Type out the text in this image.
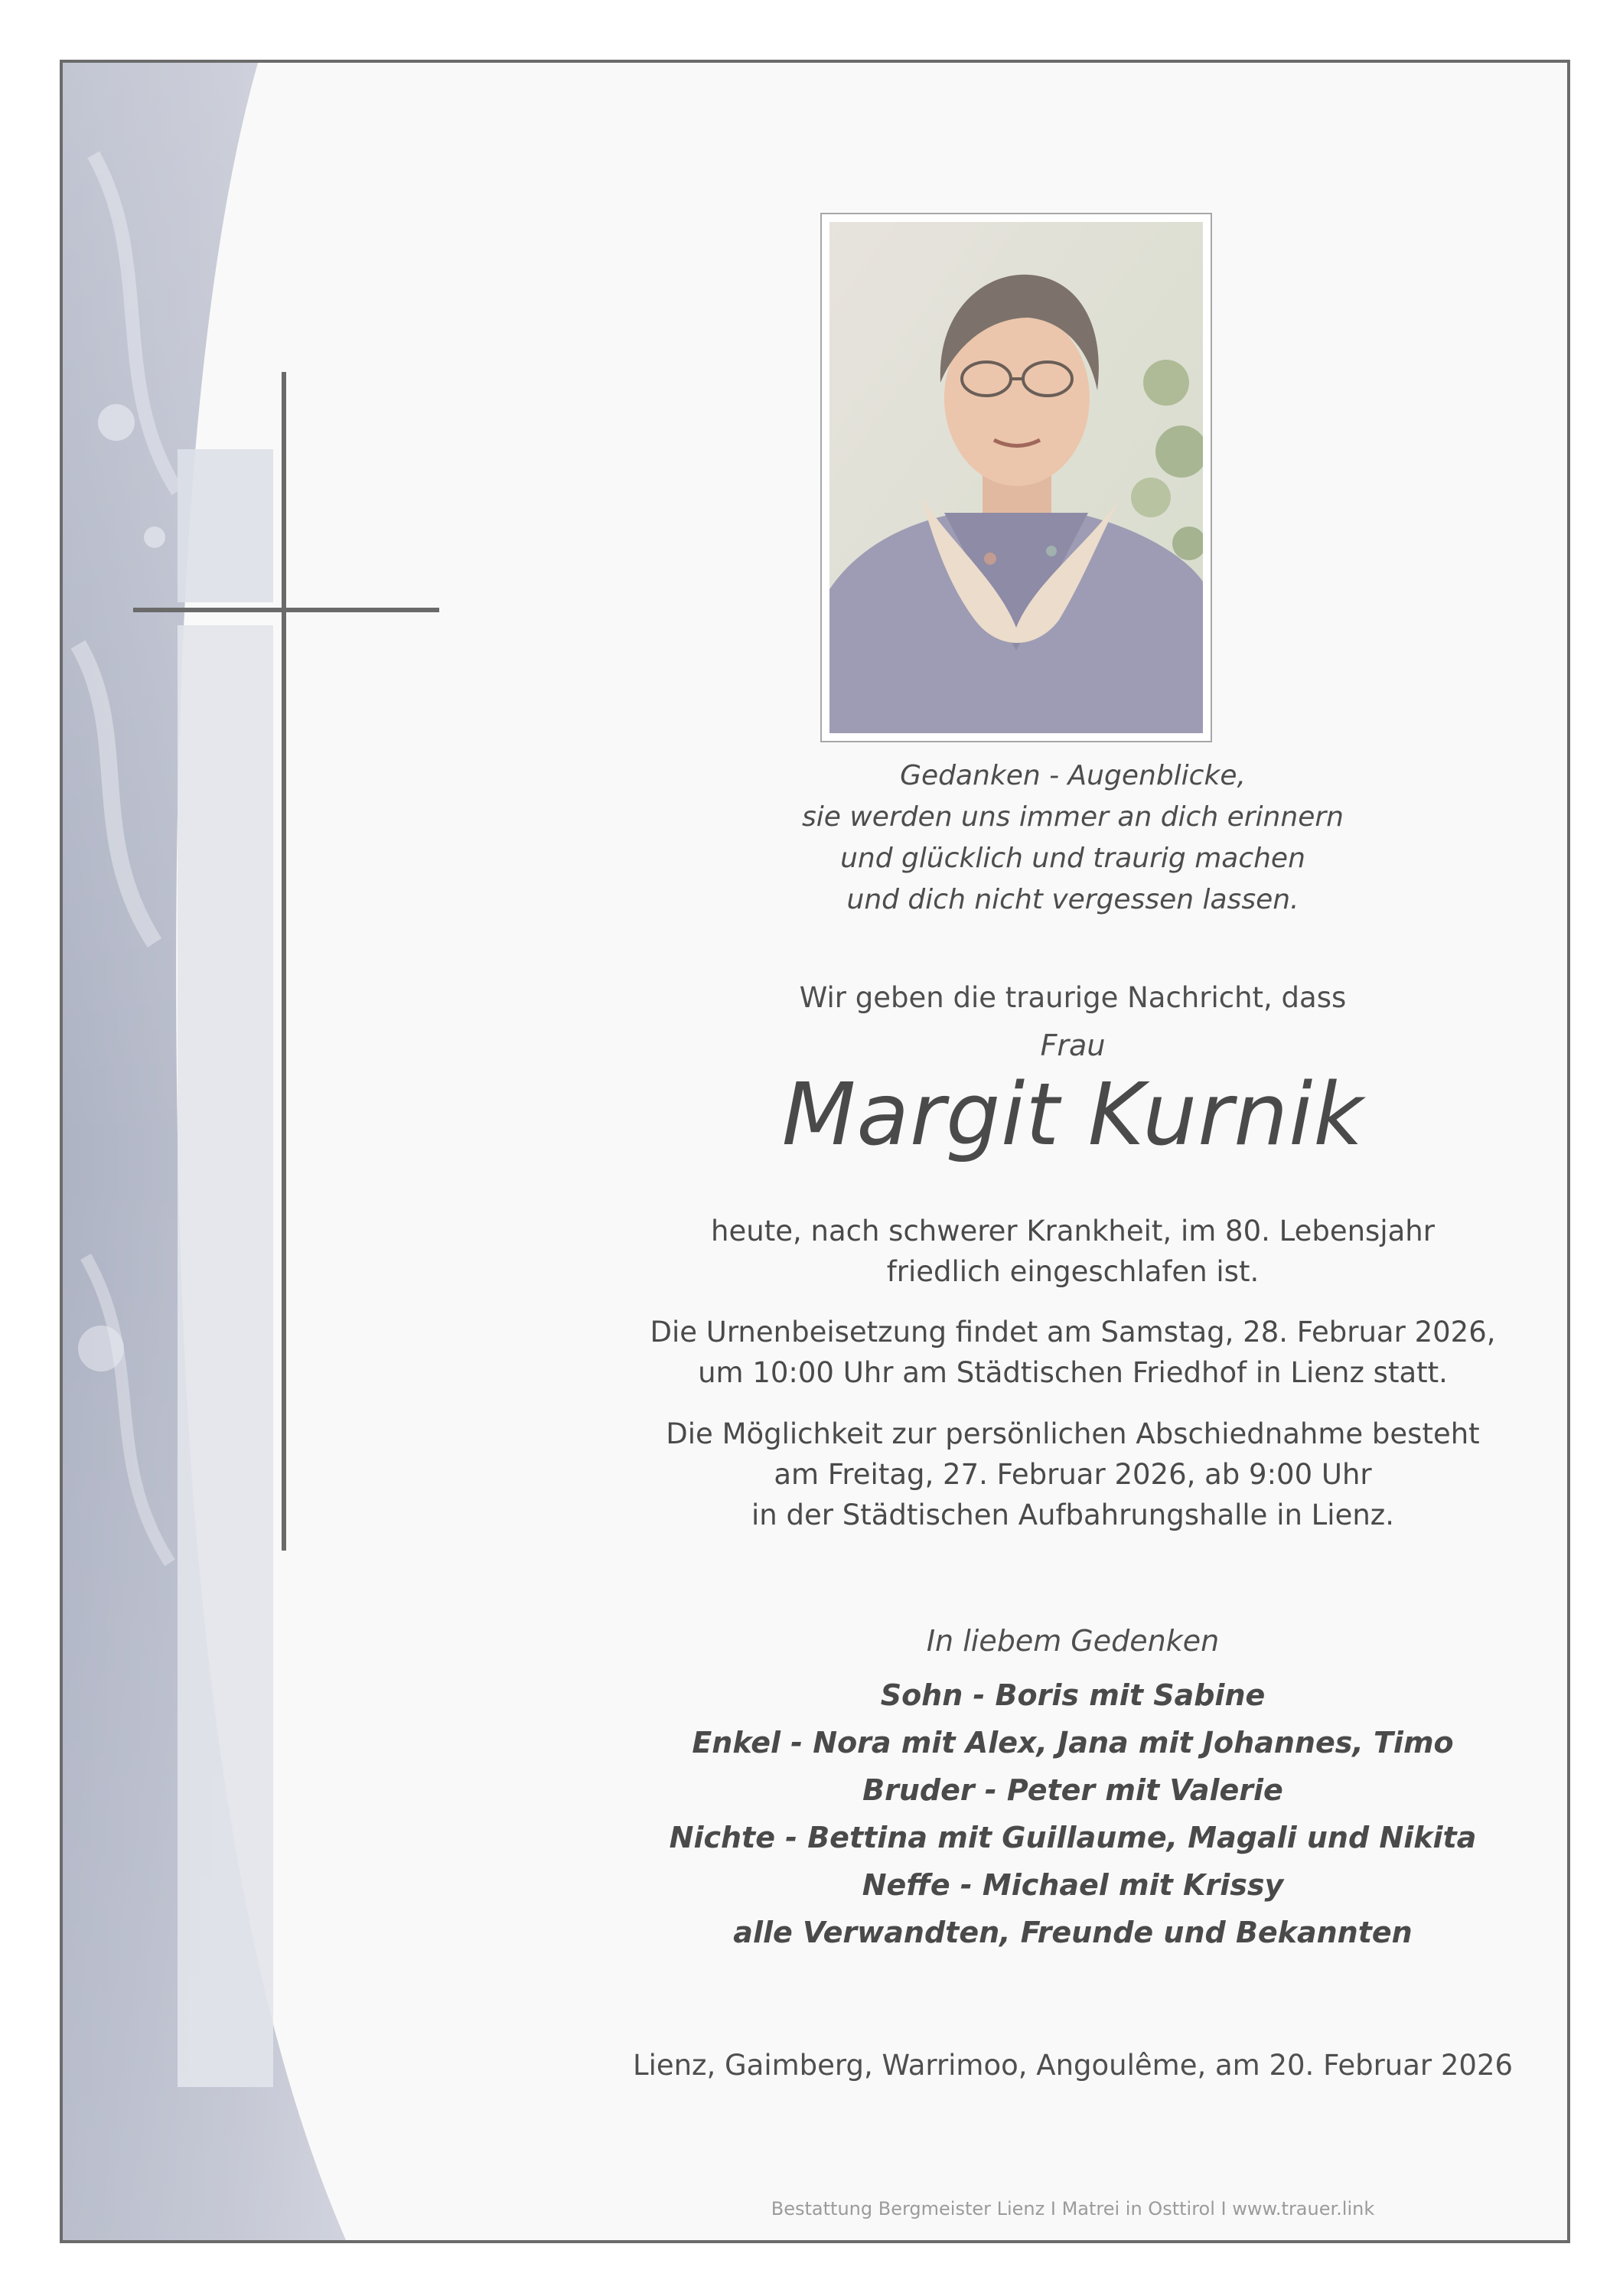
Gedanken - Augenblicke,
sie werden uns immer an dich erinnern
und glücklich und traurig machen
und dich nicht vergessen lassen.
Wir geben die traurige Nachricht, dass
Frau
Margit Kurnik
heute, nach schwerer Krankheit, im 80. Lebensjahr
friedlich eingeschlafen ist.
Die Urnenbeisetzung findet am Samstag, 28. Februar 2026,
um 10:00 Uhr am Städtischen Friedhof in Lienz statt.
Die Möglichkeit zur persönlichen Abschiednahme besteht
am Freitag, 27. Februar 2026, ab 9:00 Uhr
in der Städtischen Aufbahrungshalle in Lienz.
In liebem Gedenken
Sohn - Boris mit Sabine
Enkel - Nora mit Alex, Jana mit Johannes, Timo
Bruder - Peter mit Valerie
Nichte - Bettina mit Guillaume, Magali und Nikita
Neffe - Michael mit Krissy
alle Verwandten, Freunde und Bekannten
Lienz, Gaimberg, Warrimoo, Angoulême, am 20. Februar 2026
Bestattung Bergmeister Lienz I Matrei in Osttirol I www.trauer.link
